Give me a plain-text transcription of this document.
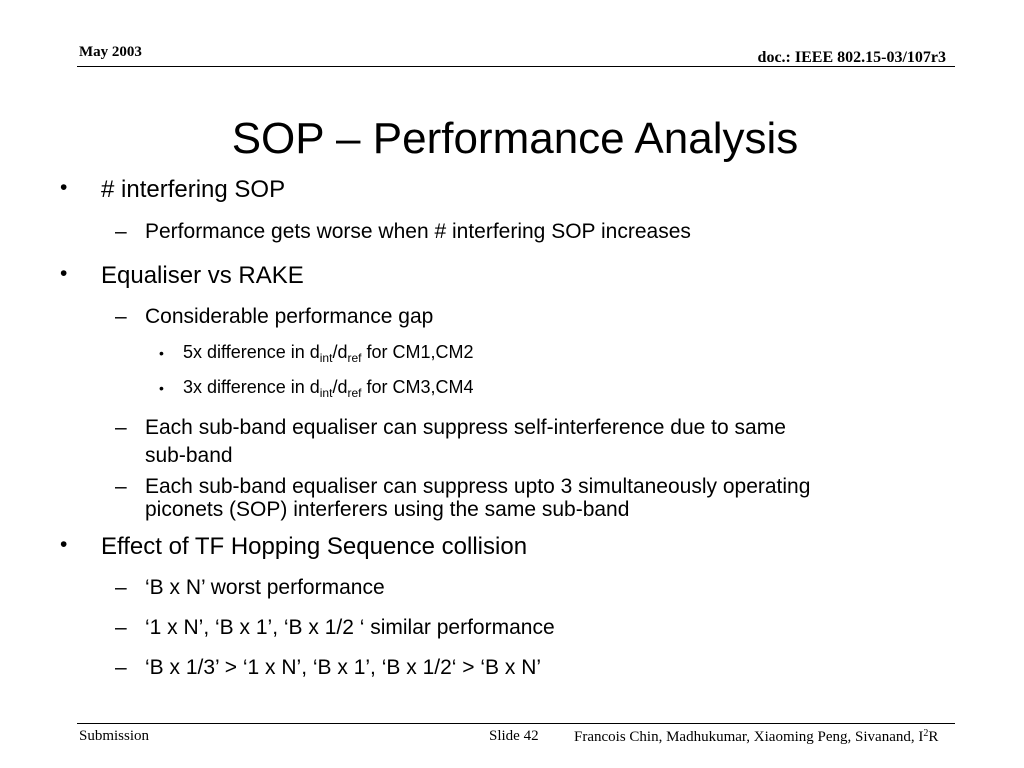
May 2003	doc.: IEEE 802.15-03/107r3
SOP – Performance Analysis
• # interfering SOP
– Performance gets worse when # interfering SOP increases
• Equaliser vs RAKE
– Considerable performance gap
• 5x difference in $d_{int}/d_{ref}$ for CM1,CM2
• 3x difference in $d_{int}/d_{ref}$ for CM3,CM4
– Each sub-band equaliser can suppress self-interference due to same
sub-band
– Each sub-band equaliser can suppress upto 3 simultaneously operating
piconets (SOP) interferers using the same sub-band
• Effect of TF Hopping Sequence collision
– ‘B x N’ worst performance
– ‘1 x N’, ‘B x 1’, ‘B x 1/2 ‘ similar performance
– ‘B x 1/3’ > ‘1 x N’, ‘B x 1’, ‘B x 1/2‘ > ‘B x N’
Submission	Slide 42 Francois Chin, Madhukumar, Xiaoming Peng, Sivanand, $I^2R$
